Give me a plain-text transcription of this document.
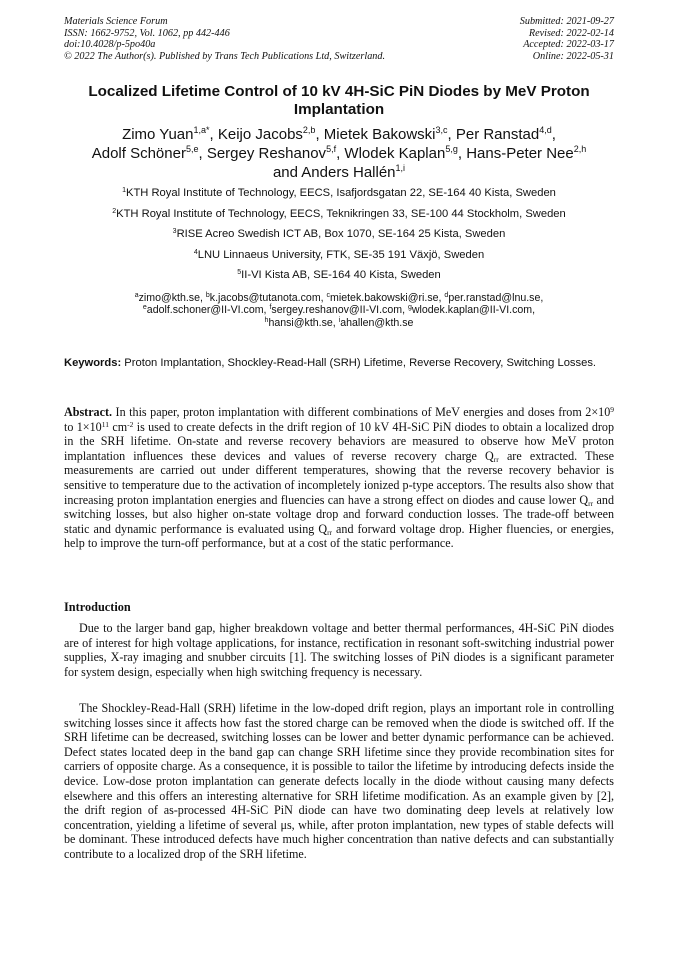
Materials Science Forum
ISSN: 1662-9752, Vol. 1062, pp 442-446
doi:10.4028/p-5po40a
© 2022 The Author(s). Published by Trans Tech Publications Ltd, Switzerland.
Submitted: 2021-09-27
Revised: 2022-02-14
Accepted: 2022-03-17
Online: 2022-05-31
Localized Lifetime Control of 10 kV 4H-SiC PiN Diodes by MeV Proton Implantation
Zimo Yuan$^{1,a*}$, Keijo Jacobs$^{2,b}$, Mietek Bakowski$^{3,c}$, Per Ranstad$^{4,d}$,
Adolf Schöner$^{5,e}$, Sergey Reshanov$^{5,f}$, Wlodek Kaplan$^{5,g}$, Hans-Peter Nee$^{2,h}$
and Anders Hallén$^{1,i}$
$^1$KTH Royal Institute of Technology, EECS, Isafjordsgatan 22, SE-164 40 Kista, Sweden
$^2$KTH Royal Institute of Technology, EECS, Teknikringen 33, SE-100 44 Stockholm, Sweden
$^3$RISE Acreo Swedish ICT AB, Box 1070, SE-164 25 Kista, Sweden
$^4$LNU Linnaeus University, FTK, SE-35 191 Växjö, Sweden
$^5$II-VI Kista AB, SE-164 40 Kista, Sweden
$^a$zimo@kth.se, $^b$k.jacobs@tutanota.com, $^c$mietek.bakowski@ri.se, $^d$per.ranstad@lnu.se,
$^e$adolf.schoner@II-VI.com, $^f$sergey.reshanov@II-VI.com, $^g$wlodek.kaplan@II-VI.com,
$^h$hansi@kth.se, $^i$ahallen@kth.se
Keywords: Proton Implantation, Shockley-Read-Hall (SRH) Lifetime, Reverse Recovery, Switching Losses.
Abstract. In this paper, proton implantation with different combinations of MeV energies and doses from $2\times 10^9$ to $1\times 10^{11}$ $cm^{-2}$ is used to create defects in the drift region of 10 kV 4H-SiC PiN diodes to obtain a localized drop in the SRH lifetime. On-state and reverse recovery behaviors are measured to observe how MeV proton implantation influences these devices and values of reverse recovery charge $Q_{rr}$ are extracted. These measurements are carried out under different temperatures, showing that the reverse recovery behavior is sensitive to temperature due to the activation of incompletely ionized p-type acceptors. The results also show that increasing proton implantation energies and fluencies can have a strong effect on diodes and cause lower $Q_{rr}$ and switching losses, but also higher on-state voltage drop and forward conduction losses. The trade-off between static and dynamic performance is evaluated using $Q_{rr}$ and forward voltage drop. Higher fluencies, or energies, help to improve the turn-off performance, but at a cost of the static performance.
Introduction
Due to the larger band gap, higher breakdown voltage and better thermal performances, 4H-SiC PiN diodes are of interest for high voltage applications, for instance, rectification in resonant soft-switching industrial power supplies, X-ray imaging and snubber circuits [1]. The switching losses of PiN diodes is a significant parameter for system design, especially when high switching frequency is necessary.
The Shockley-Read-Hall (SRH) lifetime in the low-doped drift region, plays an important role in controlling switching losses since it affects how fast the stored charge can be removed when the diode is switched off. If the SRH lifetime can be decreased, switching losses can be lower and better dynamic performance can be achieved. Defect states located deep in the band gap can change SRH lifetime since they provide recombination sites for carriers of opposite charge. As a consequence, it is possible to tailor the lifetime by introducing defects inside the device. Low-dose proton implantation can generate defects locally in the diode without causing many defects elsewhere and this offers an interesting alternative for SRH lifetime modification. As an example given by [2], the drift region of as-processed 4H-SiC PiN diode can have two dominating deep levels at relatively low concentration, yielding a lifetime of several μs, while, after proton implantation, new types of stable defects will be dominant. These introduced defects have much higher concentration than native defects and can substantially contribute to a localized drop of the SRH lifetime.
